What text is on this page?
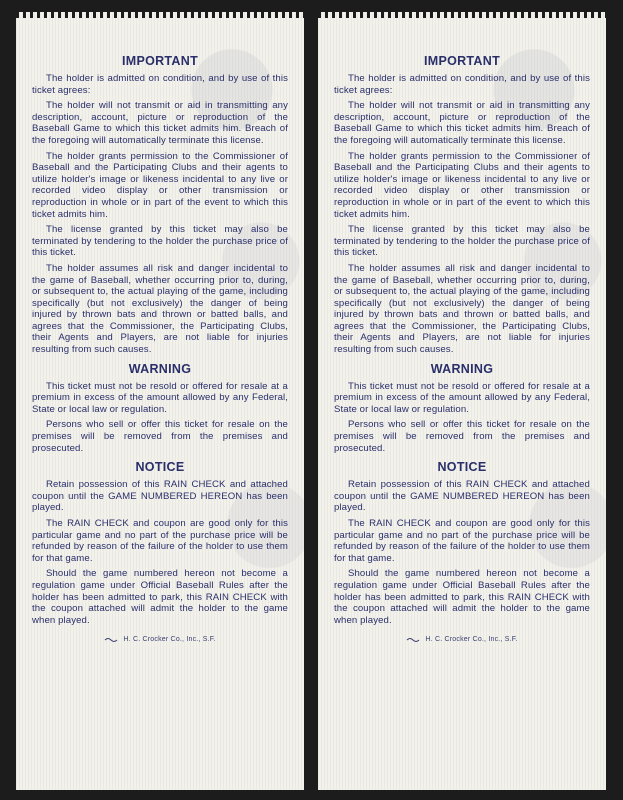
IMPORTANT

The holder is admitted on condition, and by use of this ticket agrees:

The holder will not transmit or aid in transmitting any description, account, picture or reproduction of the Baseball Game to which this ticket admits him. Breach of the foregoing will automatically terminate this license.

The holder grants permission to the Commissioner of Baseball and the Participating Clubs and their agents to utilize holder's image or likeness incidental to any live or recorded video display or other transmission or reproduction in whole or in part of the event to which this ticket admits him.

The license granted by this ticket may also be terminated by tendering to the holder the purchase price of this ticket.

The holder assumes all risk and danger incidental to the game of Baseball, whether occurring prior to, during, or subsequent to, the actual playing of the game, including specifically (but not exclusively) the danger of being injured by thrown bats and thrown or batted balls, and agrees that the Commissioner, the Participating Clubs, their Agents and Players, are not liable for injuries resulting from such causes.

WARNING

This ticket must not be resold or offered for resale at a premium in excess of the amount allowed by any Federal, State or local law or regulation.

Persons who sell or offer this ticket for resale on the premises will be removed from the premises and prosecuted.

NOTICE

Retain possession of this RAIN CHECK and attached coupon until the GAME NUMBERED HEREON has been played.

The RAIN CHECK and coupon are good only for this particular game and no part of the purchase price will be refunded by reason of the failure of the holder to use them for that game.

Should the game numbered hereon not become a regulation game under Official Baseball Rules after the holder has been admitted to park, this RAIN CHECK with the coupon attached will admit the holder to the game when played.

H. C. Crocker Co., Inc., S.F.
IMPORTANT

The holder is admitted on condition, and by use of this ticket agrees:

The holder will not transmit or aid in transmitting any description, account, picture or reproduction of the Baseball Game to which this ticket admits him. Breach of the foregoing will automatically terminate this license.

The holder grants permission to the Commissioner of Baseball and the Participating Clubs and their agents to utilize holder's image or likeness incidental to any live or recorded video display or other transmission or reproduction in whole or in part of the event to which this ticket admits him.

The license granted by this ticket may also be terminated by tendering to the holder the purchase price of this ticket.

The holder assumes all risk and danger incidental to the game of Baseball, whether occurring prior to, during, or subsequent to, the actual playing of the game, including specifically (but not exclusively) the danger of being injured by thrown bats and thrown or batted balls, and agrees that the Commissioner, the Participating Clubs, their Agents and Players, are not liable for injuries resulting from such causes.

WARNING

This ticket must not be resold or offered for resale at a premium in excess of the amount allowed by any Federal, State or local law or regulation.

Persons who sell or offer this ticket for resale on the premises will be removed from the premises and prosecuted.

NOTICE

Retain possession of this RAIN CHECK and attached coupon until the GAME NUMBERED HEREON has been played.

The RAIN CHECK and coupon are good only for this particular game and no part of the purchase price will be refunded by reason of the failure of the holder to use them for that game.

Should the game numbered hereon not become a regulation game under Official Baseball Rules after the holder has been admitted to park, this RAIN CHECK with the coupon attached will admit the holder to the game when played.

H. C. Crocker Co., Inc., S.F.
